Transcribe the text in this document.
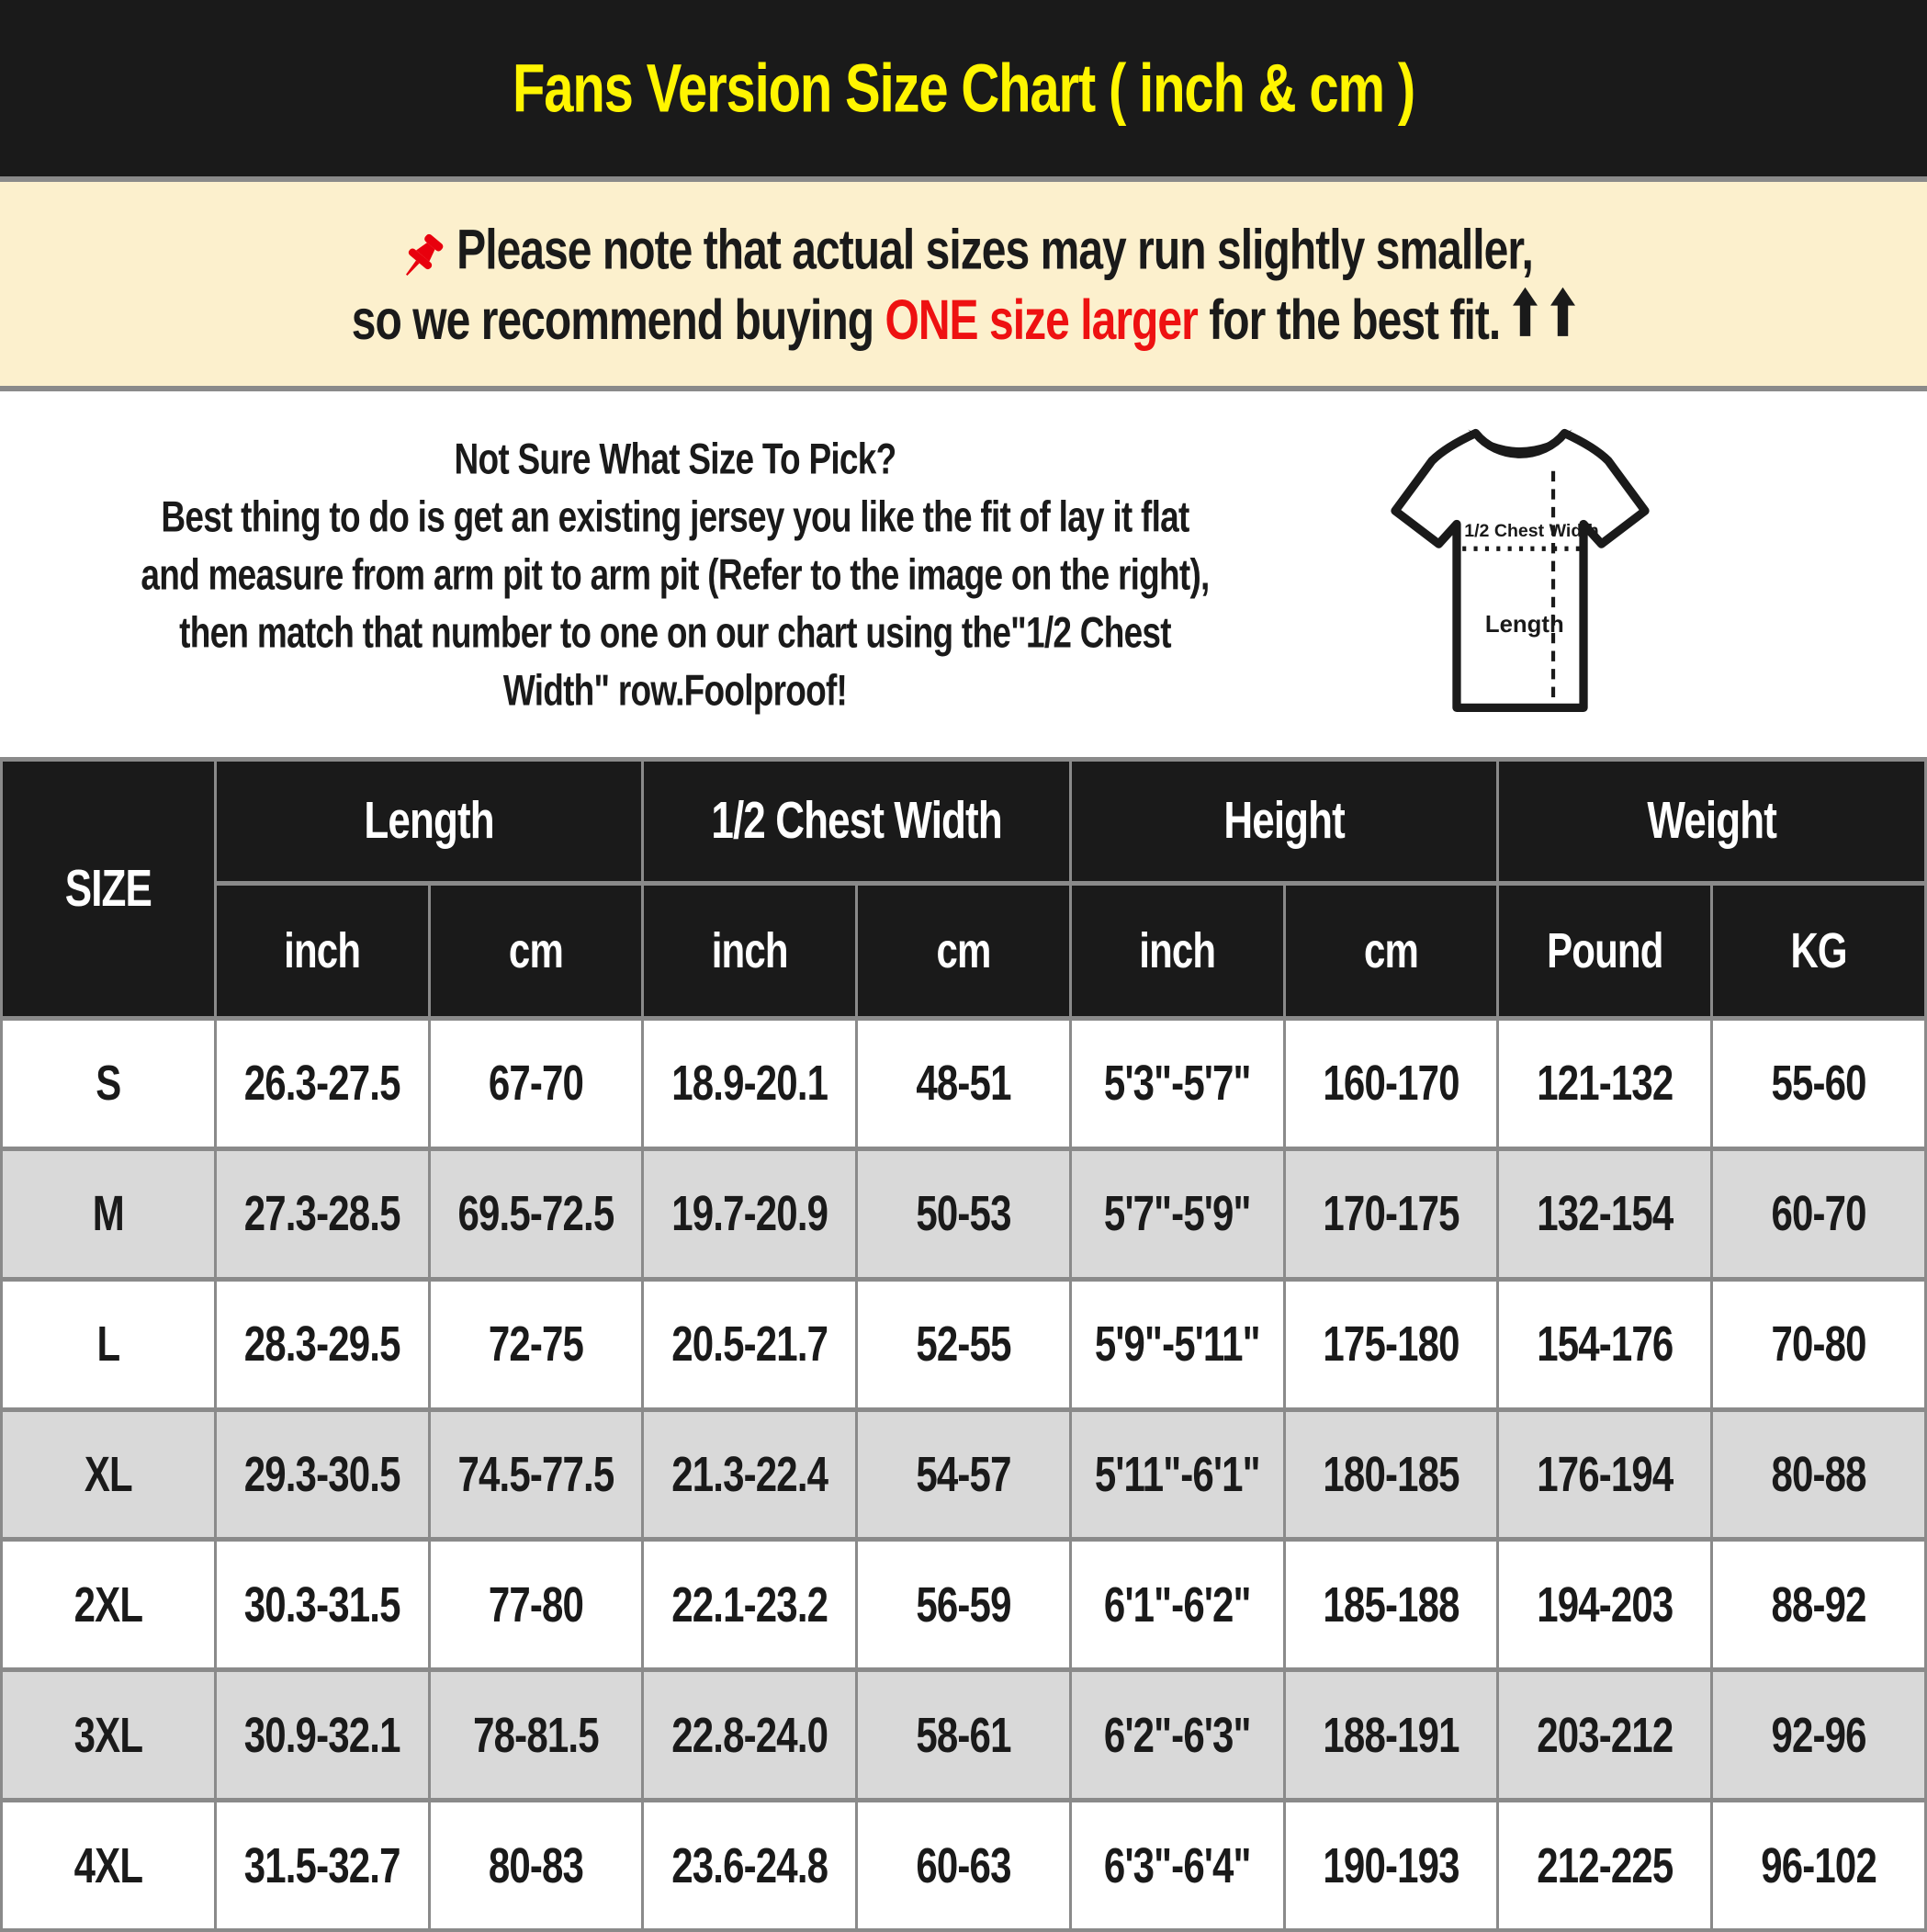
Fans Version Size Chart ( inch & cm )
Please note that actual sizes may run slightly smaller,
so we recommend buying ONE size larger for the best fit.
Not Sure What Size To Pick?
Best thing to do is get an existing jersey you like the fit of lay it flat
and measure from arm pit to arm pit (Refer to the image on the right),
then match that number to one on our chart using the"1/2 Chest
Width" row.Foolproof!
1/2 Chest Width
Length
SIZE
Length	1/2 Chest Width	Height	Weight
inch	cm	inch	cm	inch	cm	Pound	KG
S	26.3-27.5 67-70 18.9-20.1 48-51 5'3"-5'7" 160-170 121-132	55-60
M	27.3-28.5 69.5-72.5 19.7-20.9 50-53 5'7"-5'9" 170-175 132-154	60-70
L	28.3-29.5 72-75 20.5-21.7 52-55 5'9"-5'11" 175-180 154-176	70-80
XL	29.3-30.5 74.5-77.5 21.3-22.4 54-57 5'11"-6'1" 180-185 176-194	80-88
2XL	30.3-31.5 77-80 22.1-23.2 56-59 6'1"-6'2" 185-188 194-203	88-92
3XL	30.9-32.1 78-81.5 22.8-24.0 58-61 6'2"-6'3" 188-191 203-212	92-96
4XL	31.5-32.7 80-83 23.6-24.8 60-63 6'3"-6'4" 190-193 212-225 96-102
